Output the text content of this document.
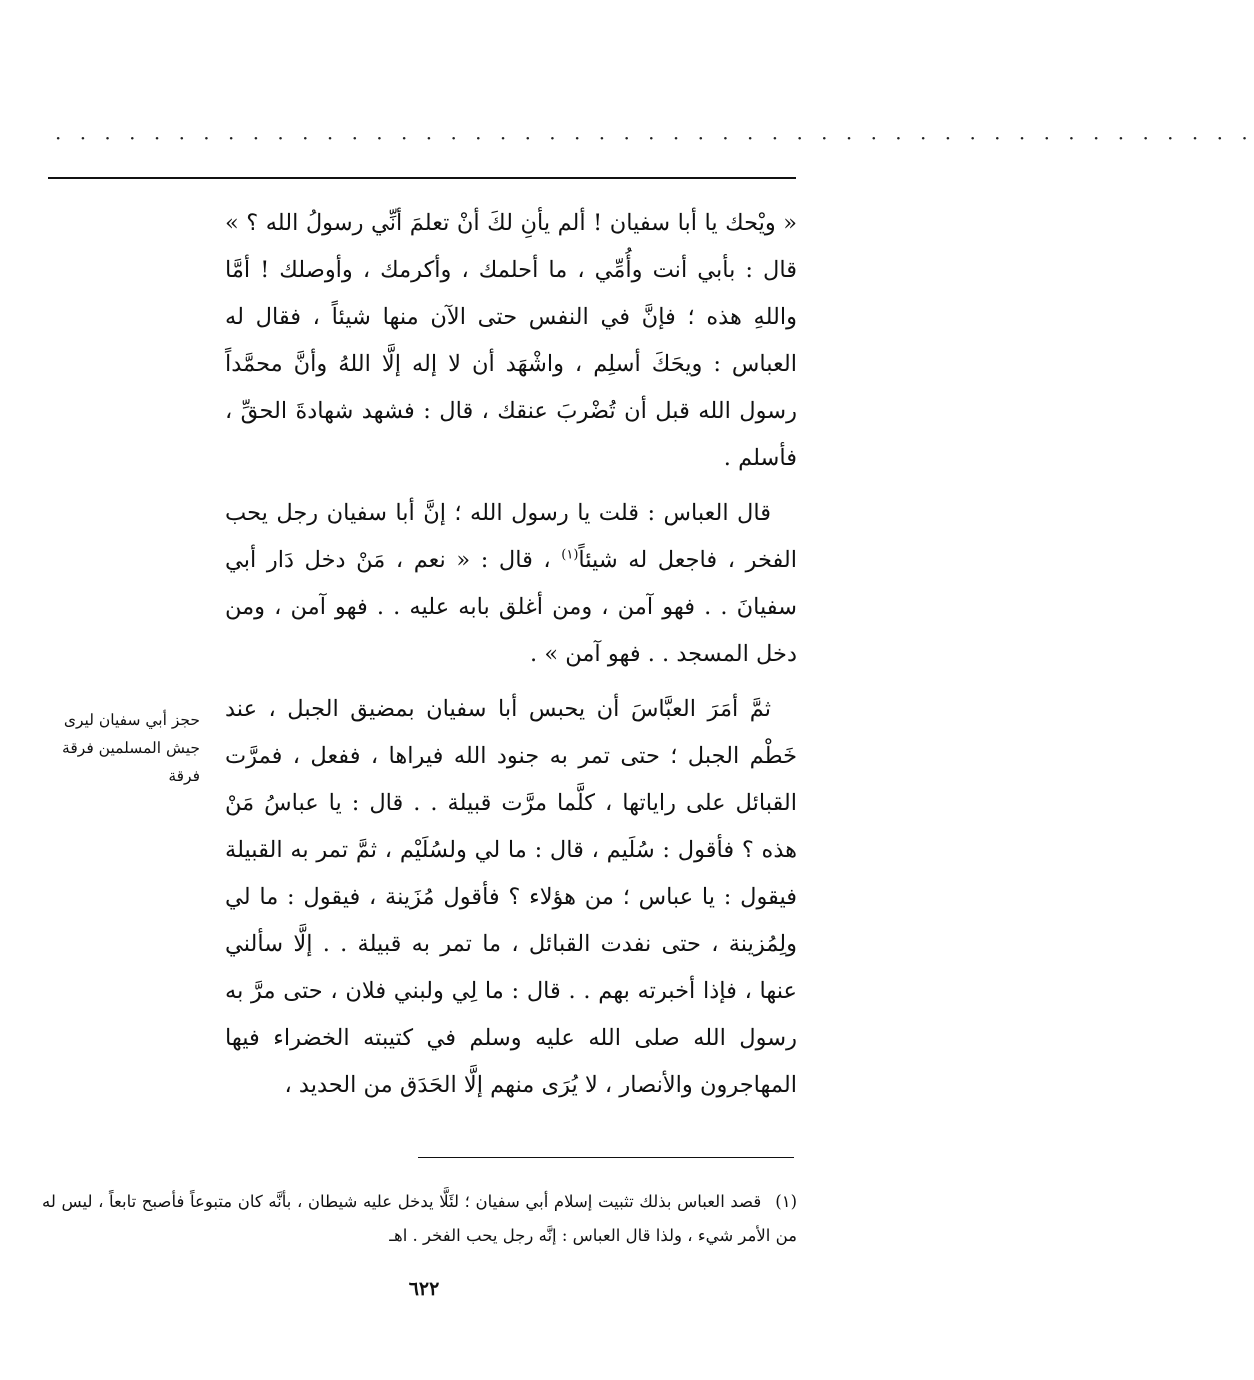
· · · · · · · · · · · · · · · · · · · · · · · · · · · · · · · · · · · · · · · · · · · · · · · · ·

« ويْحك يا أبا سفيان ! ألم يأنِ لكَ أنْ تعلمَ أنِّي رسولُ الله ؟ » قال : بأبي أنت وأُمِّي ، ما أحلمك ، وأكرمك ، وأوصلك ! أمَّا واللهِ هذه ؛ فإنَّ في النفس حتى الآن منها شيئاً ، فقال له العباس : ويحَكَ أسلِم ، واشْهَد أن لا إله إلَّا اللهُ وأنَّ محمَّداً رسول الله قبل أن تُضْربَ عنقك ، قال : فشهد شهادةَ الحقِّ ، فأسلم .

قال العباس : قلت يا رسول الله ؛ إنَّ أبا سفيان رجل يحب الفخر ، فاجعل له شيئاً$^{(١)}$ ، قال : « نعم ، مَنْ دخل دَار أبي سفيانَ . . فهو آمن ، ومن أغلق بابه عليه . . فهو آمن ، ومن دخل المسجد . . فهو آمن » .

ثمَّ أمَرَ العبَّاسَ أن يحبس أبا سفيان بمضيق الجبل ، عند خَطْم الجبل ؛ حتى تمر به جنود الله فيراها ، ففعل ، فمرَّت القبائل على راياتها ، كلَّما مرَّت قبيلة . . قال : يا عباسُ مَنْ هذه ؟ فأقول : سُلَيم ، قال : ما لي ولسُلَيْم ، ثمَّ تمر به القبيلة فيقول : يا عباس ؛ من هؤلاء ؟ فأقول مُزَينة ، فيقول : ما لي ولِمُزينة ، حتى نفدت القبائل ، ما تمر به قبيلة . . إلَّا سألني عنها ، فإذا أخبرته بهم . . قال : ما لِي ولبني فلان ، حتى مرَّ به رسول الله صلى الله عليه وسلم في كتيبته الخضراء فيها المهاجرون والأنصار ، لا يُرَى منهم إلَّا الحَدَق من الحديد ،

حجز أبي سفيان ليرى جيش المسلمين فرقة فرقة
(١)قصد العباس بذلك تثبيت إسلام أبي سفيان ؛ لئَلَّا يدخل عليه شيطان ، بأنَّه كان متبوعاً فأصبح تابعاً ، ليس له من الأمر شيء ، ولذا قال العباس : إنَّه رجل يحب الفخر . اهـ
٦٢٢
